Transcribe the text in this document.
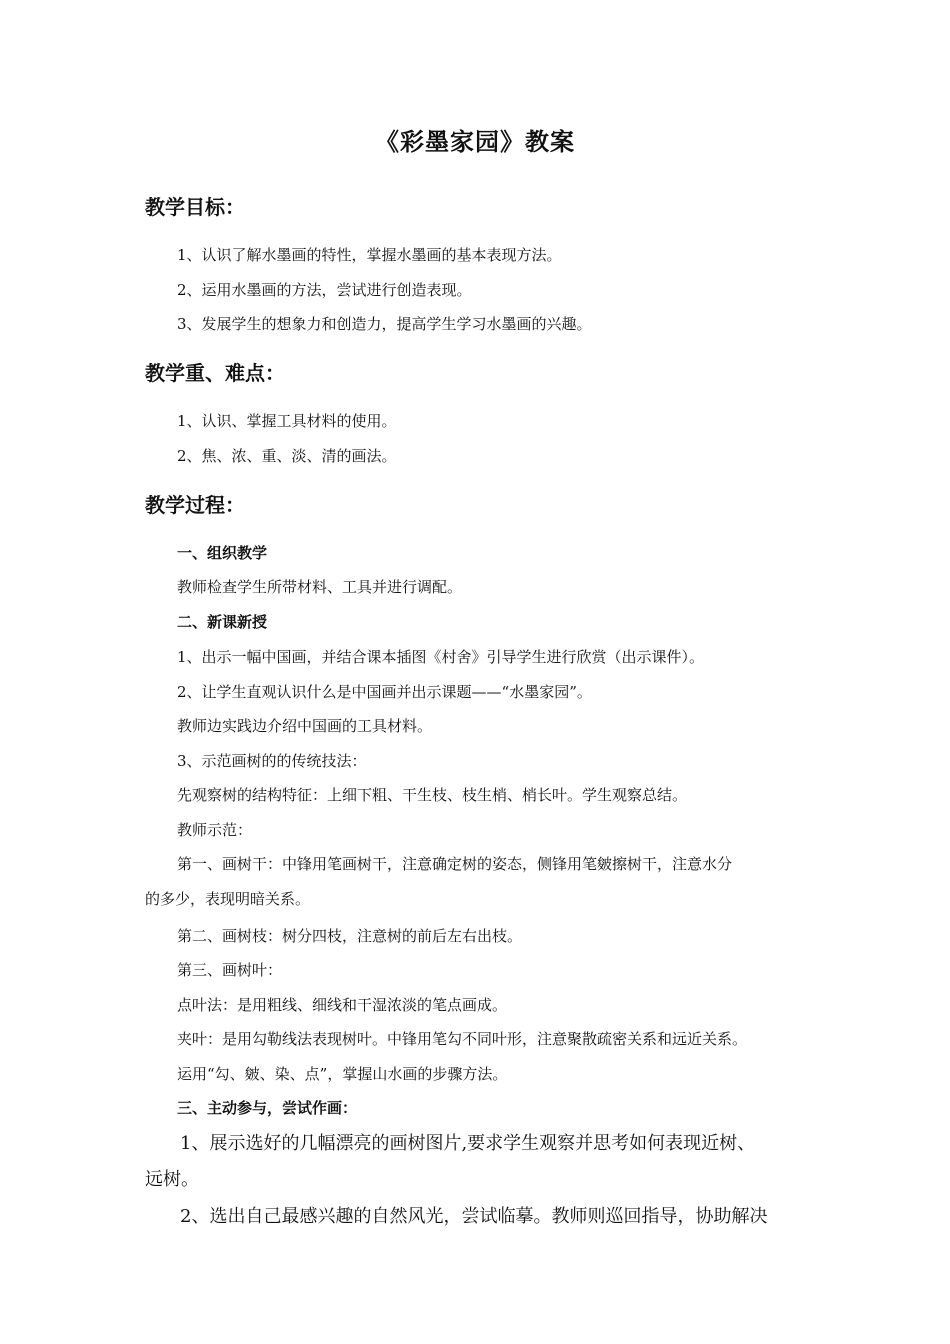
《彩墨家园》教案
教学目标：

1、认识了解水墨画的特性，掌握水墨画的基本表现方法。

2、运用水墨画的方法，尝试进行创造表现。

3、发展学生的想象力和创造力，提高学生学习水墨画的兴趣。

教学重、难点：

1、认识、掌握工具材料的使用。

2、焦、浓、重、淡、清的画法。

教学过程：
一、组织教学

教师检查学生所带材料、工具并进行调配。

二、新课新授

1、出示一幅中国画，并结合课本插图《村舍》引导学生进行欣赏（出示课件）。

2、让学生直观认识什么是中国画并出示课题——“水墨家园”。

教师边实践边介绍中国画的工具材料。

3、示范画树的的传统技法：

先观察树的结构特征：上细下粗、干生枝、枝生梢、梢长叶。学生观察总结。

教师示范：

第一、画树干：中锋用笔画树干，注意确定树的姿态，侧锋用笔皴擦树干，注意水分

的多少，表现明暗关系。

第二、画树枝：树分四枝，注意树的前后左右出枝。

第三、画树叶：

点叶法：是用粗线、细线和干湿浓淡的笔点画成。

夹叶：是用勾勒线法表现树叶。中锋用笔勾不同叶形，注意聚散疏密关系和远近关系。

运用“勾、皴、染、点”，掌握山水画的步骤方法。

三、主动参与，尝试作画：

1、展示选好的几幅漂亮的画树图片,要求学生观察并思考如何表现近树、

远树。

2、选出自己最感兴趣的自然风光，尝试临摹。教师则巡回指导，协助解决
